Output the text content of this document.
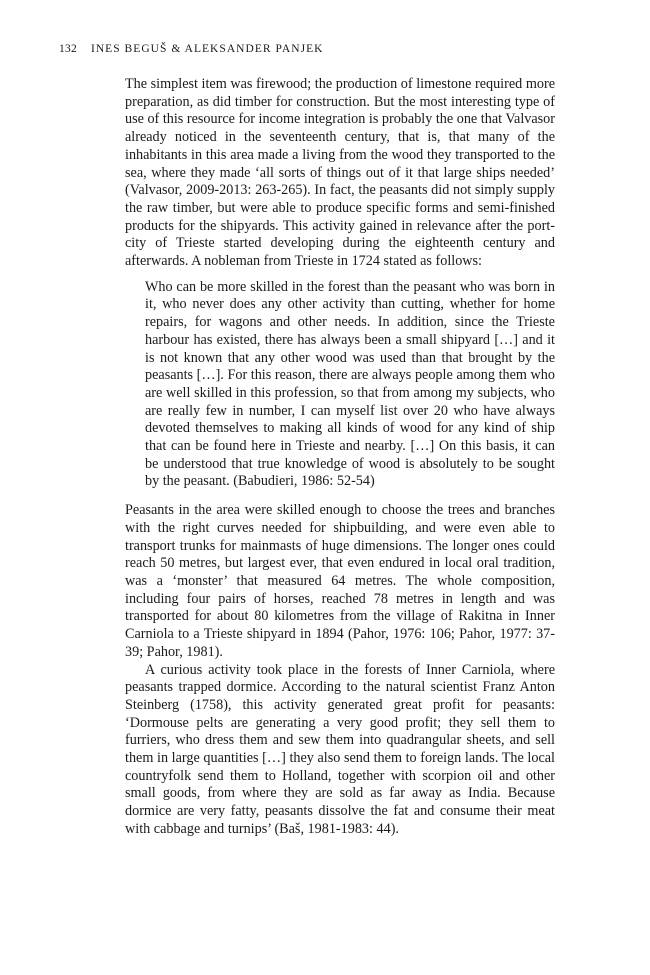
132 INES BEGUŠ & ALEKSANDER PANJEK

The simplest item was firewood; the production of limestone required more preparation, as did timber for construction. But the most interesting type of use of this resource for income integration is probably the one that Valvasor already noticed in the seventeenth century, that is, that many of the inhabitants in this area made a living from the wood they transported to the sea, where they made ‘all sorts of things out of it that large ships needed’ (Valvasor, 2009-2013: 263-265). In fact, the peasants did not simply supply the raw timber, but were able to produce specific forms and semi-finished products for the shipyards. This activity gained in relevance after the port-city of Trieste started developing during the eighteenth century and afterwards. A nobleman from Trieste in 1724 stated as follows:

Who can be more skilled in the forest than the peasant who was born in it, who never does any other activity than cutting, whether for home repairs, for wagons and other needs. In addition, since the Trieste harbour has existed, there has always been a small shipyard […] and it is not known that any other wood was used than that brought by the peasants […]. For this reason, there are always people among them who are well skilled in this profession, so that from among my subjects, who are really few in number, I can myself list over 20 who have always devoted themselves to making all kinds of wood for any kind of ship that can be found here in Trieste and nearby. […] On this basis, it can be understood that true knowledge of wood is absolutely to be sought by the peasant. (Babudieri, 1986: 52-54)

Peasants in the area were skilled enough to choose the trees and branches with the right curves needed for shipbuilding, and were even able to transport trunks for mainmasts of huge dimensions. The longer ones could reach 50 metres, but largest ever, that even endured in local oral tradition, was a ‘monster’ that measured 64 metres. The whole composition, including four pairs of horses, reached 78 metres in length and was transported for about 80 kilometres from the village of Rakitna in Inner Carniola to a Trieste shipyard in 1894 (Pahor, 1976: 106; Pahor, 1977: 37-39; Pahor, 1981).

A curious activity took place in the forests of Inner Carniola, where peasants trapped dormice. According to the natural scientist Franz Anton Steinberg (1758), this activity generated great profit for peasants: ‘Dormouse pelts are generating a very good profit; they sell them to furriers, who dress them and sew them into quadrangular sheets, and sell them in large quantities […] they also send them to foreign lands. The local countryfolk send them to Holland, together with scorpion oil and other small goods, from where they are sold as far away as India. Because dormice are very fatty, peasants dissolve the fat and consume their meat with cabbage and turnips’ (Baš, 1981-1983: 44).
